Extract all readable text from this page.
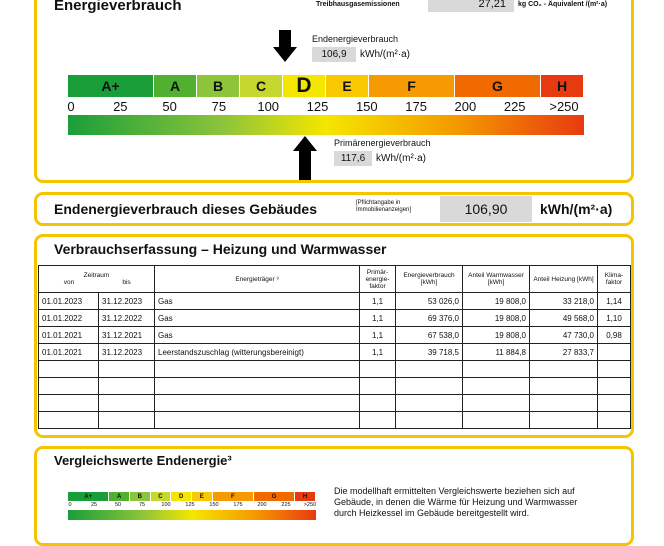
Energieverbrauch	Treibhausgasemissionen	27,21	kg CO₂ - Äquivalent /(m²·a)
Endenergieverbrauch
106,9	kWh/(m²·a)
A+	A	B	C	D	E	F	G	H
0	25	50	75 100 125 150 175 200 225 >250
Primärenergieverbrauch
117,6	kWh/(m²·a)
Endenergieverbrauch dieses Gebäudes	[Pflichtangabe in Immobilienanzeigen]	106,90	kWh/(m²·a)
Verbrauchserfassung – Heizung und Warmwasser
Zeitraum
von bis		Energieträger ³	Primär-energie-faktor	Energieverbrauch [kWh]	Anteil Warmwasser [kWh]	Anteil Heizung [kWh]	Klima-faktor
01.01.2023	31.12.2023	Gas	1,1	53 026,0	19 808,0	33 218,0	1,14
01.01.2022	31.12.2022	Gas	1,1	69 376,0	19 808,0	49 568,0	1,10
01.01.2021	31.12.2021	Gas	1,1	67 538,0	19 808,0	47 730,0	0,98
01.01.2021	31.12.2023	Leerstandszuschlag (witterungsbereinigt)	1,1	39 718,5	11 884,8	27 833,7	

Vergleichswerte Endenergie³
A+	A	B	C	D	E	F	G	H
0	25	50	75	100	125	150	175	200	225 >250
Die modellhaft ermittelten Vergleichswerte beziehen sich auf Gebäude, in denen die Wärme für Heizung und Warmwasser durch Heizkessel im Gebäude bereitgestellt wird.
